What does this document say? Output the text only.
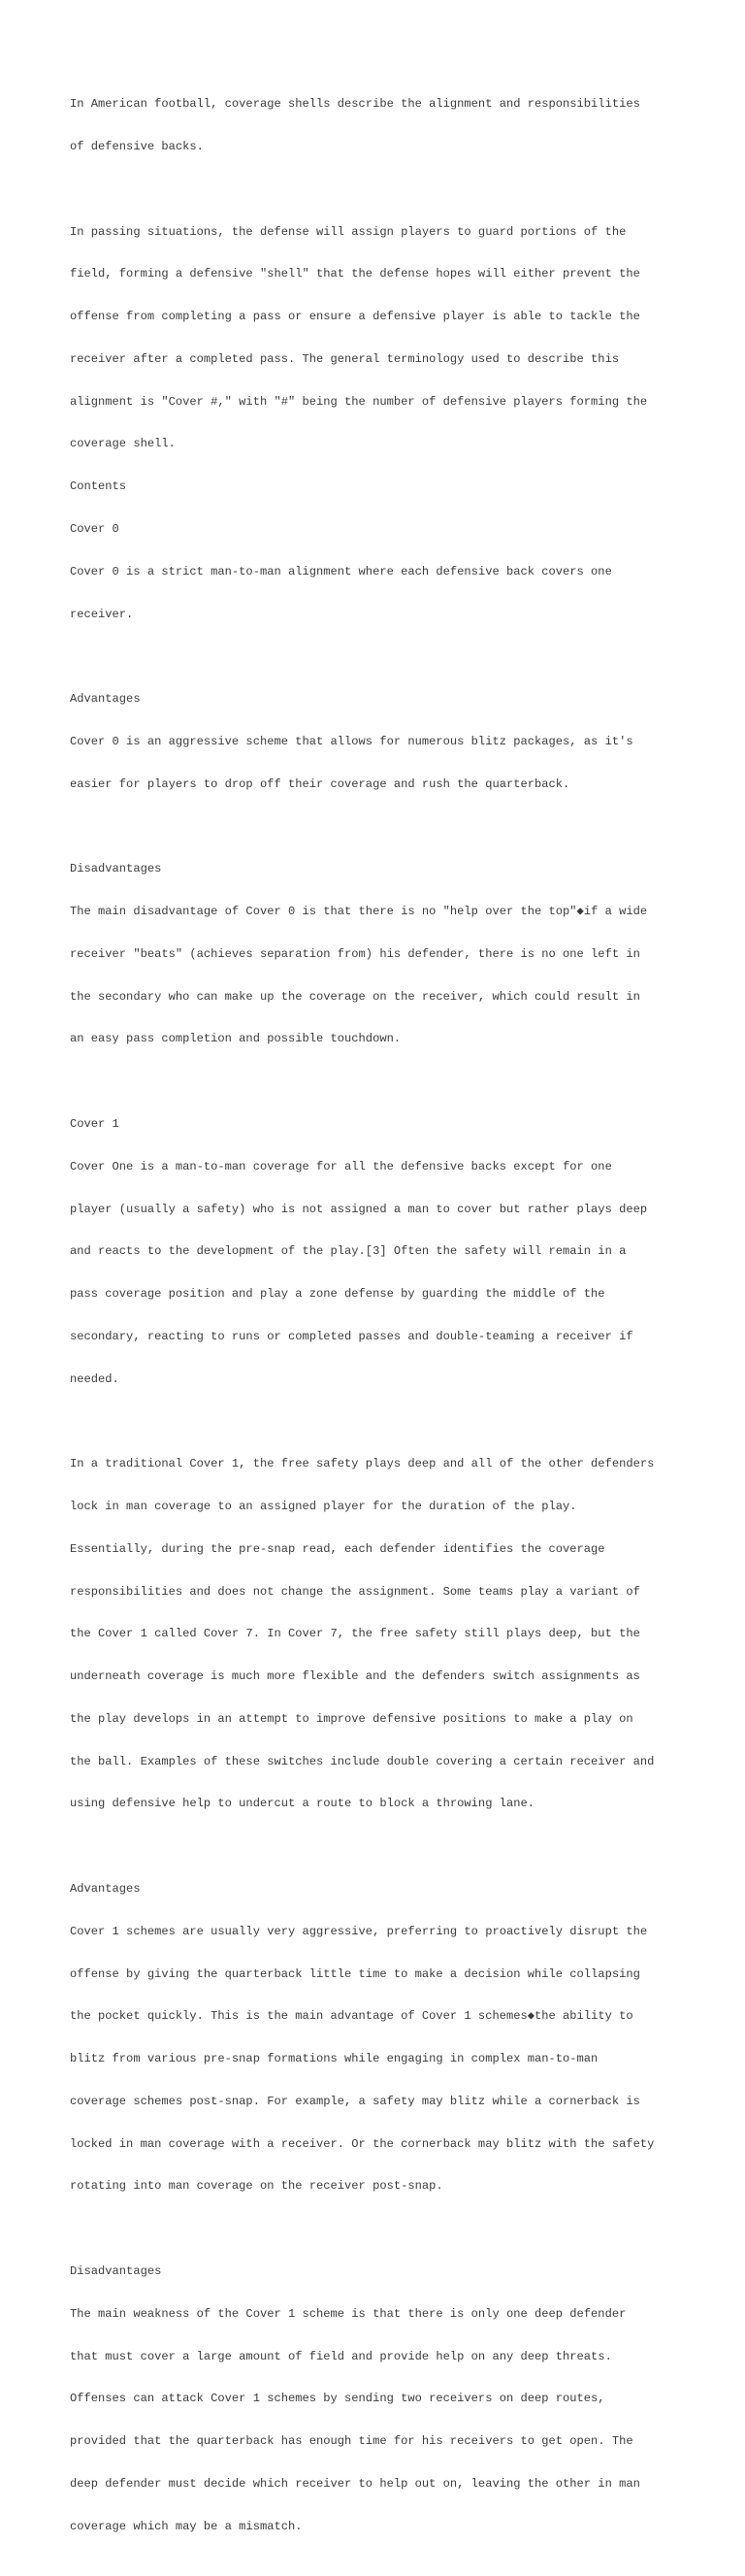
In American football, coverage shells describe the alignment and responsibilities

of defensive backs.

In passing situations, the defense will assign players to guard portions of the

field, forming a defensive "shell" that the defense hopes will either prevent the

offense from completing a pass or ensure a defensive player is able to tackle the

receiver after a completed pass. The general terminology used to describe this

alignment is "Cover #," with "#" being the number of defensive players forming the

coverage shell.

Contents

Cover 0

Cover 0 is a strict man-to-man alignment where each defensive back covers one

receiver.

Advantages

Cover 0 is an aggressive scheme that allows for numerous blitz packages, as it's

easier for players to drop off their coverage and rush the quarterback.

Disadvantages

The main disadvantage of Cover 0 is that there is no "help over the top"◆if a wide

receiver "beats" (achieves separation from) his defender, there is no one left in

the secondary who can make up the coverage on the receiver, which could result in

an easy pass completion and possible touchdown.

Cover 1

Cover One is a man-to-man coverage for all the defensive backs except for one

player (usually a safety) who is not assigned a man to cover but rather plays deep

and reacts to the development of the play.[3] Often the safety will remain in a

pass coverage position and play a zone defense by guarding the middle of the

secondary, reacting to runs or completed passes and double-teaming a receiver if

needed.

In a traditional Cover 1, the free safety plays deep and all of the other defenders

lock in man coverage to an assigned player for the duration of the play.

Essentially, during the pre-snap read, each defender identifies the coverage

responsibilities and does not change the assignment. Some teams play a variant of

the Cover 1 called Cover 7. In Cover 7, the free safety still plays deep, but the

underneath coverage is much more flexible and the defenders switch assignments as

the play develops in an attempt to improve defensive positions to make a play on

the ball. Examples of these switches include double covering a certain receiver and

using defensive help to undercut a route to block a throwing lane.

Advantages

Cover 1 schemes are usually very aggressive, preferring to proactively disrupt the

offense by giving the quarterback little time to make a decision while collapsing

the pocket quickly. This is the main advantage of Cover 1 schemes◆the ability to

blitz from various pre-snap formations while engaging in complex man-to-man

coverage schemes post-snap. For example, a safety may blitz while a cornerback is

locked in man coverage with a receiver. Or the cornerback may blitz with the safety

rotating into man coverage on the receiver post-snap.

Disadvantages

The main weakness of the Cover 1 scheme is that there is only one deep defender

that must cover a large amount of field and provide help on any deep threats.

Offenses can attack Cover 1 schemes by sending two receivers on deep routes,

provided that the quarterback has enough time for his receivers to get open. The

deep defender must decide which receiver to help out on, leaving the other in man

coverage which may be a mismatch.
